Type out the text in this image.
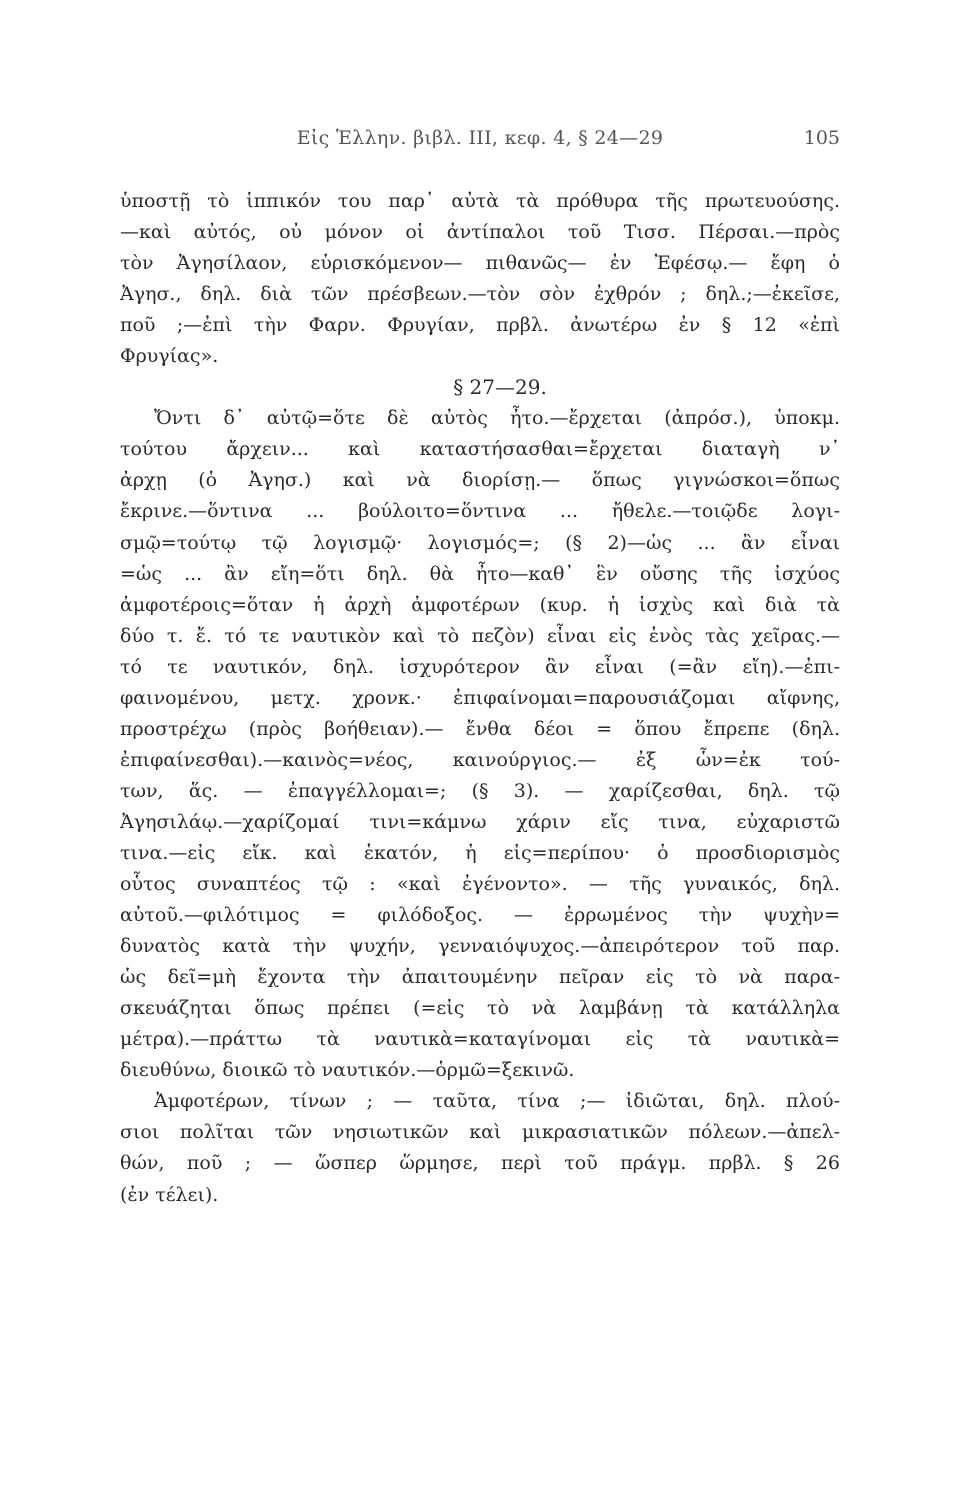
Εἰς Ἑλλην. βιβλ. III, κεφ. 4, § 24—29	105
ὑποστῇ τὸ ἱππικόν του παρ᾽ αὐτὰ τὰ πρόθυρα τῆς πρωτευούσης.
—καὶ αὐτός, οὐ μόνον οἱ ἀντίπαλοι τοῦ Τισσ. Πέρσαι.—πρὸς
τὸν Ἀγησίλαον, εὑρισκόμενον— πιθανῶς— ἐν Ἐφέσῳ.— ἔφη ὁ
Ἀγησ., δηλ. διὰ τῶν πρέσβεων.—τὸν σὸν ἐχθρόν ; δηλ.;—ἐκεῖσε,
ποῦ ;—ἐπὶ τὴν Φαρν. Φρυγίαν, πρβλ. ἀνωτέρω ἐν § 12 «ἐπὶ
Φρυγίας».
§ 27—29.
Ὄντι δ᾽ αὐτῷ=ὅτε δὲ αὐτὸς ἦτο.—ἔρχεται (ἀπρόσ.), ὑποκμ.
τούτου ἄρχειν... καὶ καταστήσασθαι=ἔρχεται διαταγὴ ν᾽
ἀρχῃ (ὁ Ἀγησ.) καὶ νὰ διορίσῃ.— ὅπως γιγνώσκοι=ὅπως
ἔκρινε.—ὅντινα ... βούλοιτο=ὅντινα ... ἤθελε.—τοιῷδε λογι-
σμῷ=τούτῳ τῷ λογισμῷ· λογισμός=; (§ 2)—ὡς ... ἂν εἶναι
=ὡς ... ἂν εἴη=ὅτι δηλ. θὰ ἦτο—καθ᾽ ἓν οὔσης τῆς ἰσχύος
ἀμφοτέροις=ὅταν ἡ ἀρχὴ ἀμφοτέρων (κυρ. ἡ ἰσχὺς καὶ διὰ τὰ
δύο τ. ἔ. τό τε ναυτικὸν καὶ τὸ πεζὸν) εἶναι εἰς ἑνὸς τὰς χεῖρας.—
τό τε ναυτικόν, δηλ. ἰσχυρότερον ἂν εἶναι (=ἂν εἴη).—ἐπι-
φαινομένου, μετχ. χρονκ.· ἐπιφαίνομαι=παρουσιάζομαι αἴφνης,
προστρέχω (πρὸς βοήθειαν).— ἔνθα δέοι = ὅπου ἔπρεπε (δηλ.
ἐπιφαίνεσθαι).—καινὸς=νέος, καινούργιος.— ἐξ ὧν=ἐκ τού-
των, ἅς. — ἐπαγγέλλομαι=; (§ 3). — χαρίζεσθαι, δηλ. τῷ
Ἀγησιλάῳ.—χαρίζομαί τινι=κάμνω χάριν εἴς τινα, εὐχαριστῶ
τινα.—εἰς εἴκ. καὶ ἑκατόν, ἡ εἰς=περίπου· ὁ προσδιορισμὸς
οὗτος συναπτέος τῷ : «καὶ ἐγένοντο». — τῆς γυναικός, δηλ.
αὐτοῦ.—φιλότιμος = φιλόδοξος. — ἐρρωμένος τὴν ψυχὴν=
δυνατὸς κατὰ τὴν ψυχήν, γενναιόψυχος.—ἀπειρότερον τοῦ παρ.
ὡς δεῖ=μὴ ἔχοντα τὴν ἀπαιτουμένην πεῖραν εἰς τὸ νὰ παρα-
σκευάζηται ὅπως πρέπει (=εἰς τὸ νὰ λαμβάνῃ τὰ κατάλληλα
μέτρα).—πράττω τὰ ναυτικὰ=καταγίνομαι εἰς τὰ ναυτικὰ=
διευθύνω, διοικῶ τὸ ναυτικόν.—ὁρμῶ=ξεκινῶ.
Ἀμφοτέρων, τίνων ; — ταῦτα, τίνα ;— ἰδιῶται, δηλ. πλού-
σιοι πολῖται τῶν νησιωτικῶν καὶ μικρασιατικῶν πόλεων.—ἀπελ-
θών, ποῦ ; — ὥσπερ ὥρμησε, περὶ τοῦ πράγμ. πρβλ. § 26
(ἐν τέλει).
